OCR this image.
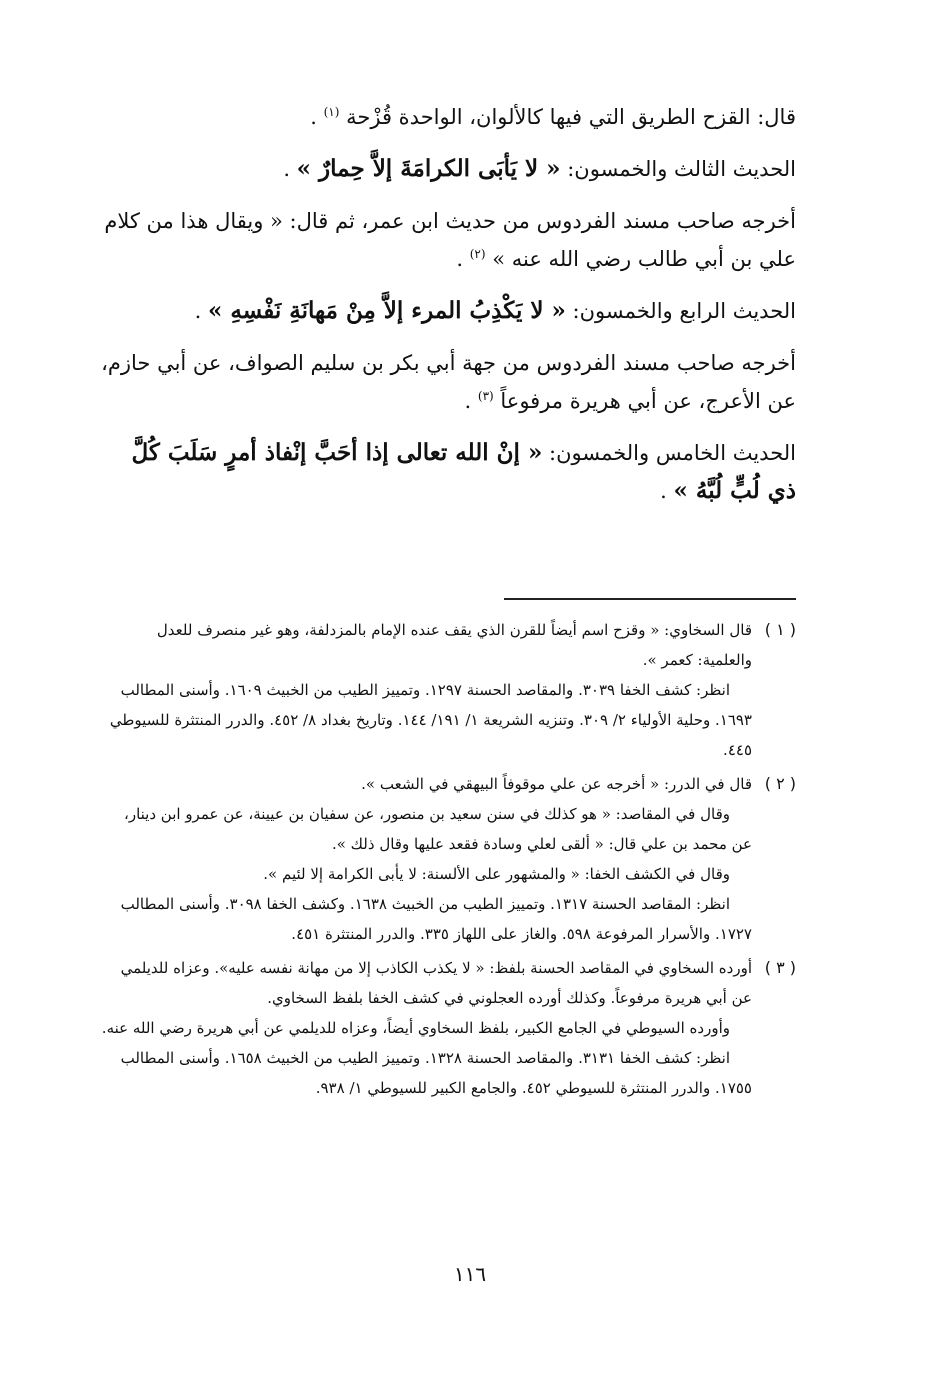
قال: القزح الطريق التي فيها كالألوان، الواحدة قُزْحة $^{(١)}$ .

الحديث الثالث والخمسون: « لا يَأبَى الكرامَةَ إلاَّ حِمارٌ » .

أخرجه صاحب مسند الفردوس من حديث ابن عمر، ثم قال: « ويقال هذا من كلام علي بن أبي طالب رضي الله عنه » $^{(٢)}$ .

الحديث الرابع والخمسون: « لا يَكْذِبُ المرء إلاَّ مِنْ مَهانَةِ نَفْسِهِ » .

أخرجه صاحب مسند الفردوس من جهة أبي بكر بن سليم الصواف، عن أبي حازم، عن الأعرج، عن أبي هريرة مرفوعاً $^{(٣)}$ .

الحديث الخامس والخمسون: « إنْ الله تعالى إذا أحَبَّ إنْفاذ أمرٍ سَلَبَ كُلَّ ذي لُبٍّ لُبَّهُ » .

( ١ )

قال السخاوي: « وقزح اسم أيضاً للقرن الذي يقف عنده الإمام بالمزدلفة، وهو غير منصرف للعدل والعلمية: كعمر ».

انظر: كشف الخفا ٣٠٣٩. والمقاصد الحسنة ١٢٩٧. وتمييز الطيب من الخبيث ١٦٠٩. وأسنى المطالب ١٦٩٣. وحلية الأولياء ٢/ ٣٠٩. وتنزيه الشريعة ١/ ١٩١/ ١٤٤. وتاريخ بغداد ٨/ ٤٥٢. والدرر المنتثرة للسيوطي ٤٤٥.

( ٢ )

قال في الدرر: « أخرجه عن علي موقوفاً البيهقي في الشعب ».

وقال في المقاصد: « هو كذلك في سنن سعيد بن منصور، عن سفيان بن عيينة، عن عمرو ابن دينار، عن محمد بن علي قال: « ألقى لعلي وسادة فقعد عليها وقال ذلك ».

وقال في الكشف الخفا: « والمشهور على الألسنة: لا يأبى الكرامة إلا لئيم ».

انظر: المقاصد الحسنة ١٣١٧. وتمييز الطيب من الخبيث ١٦٣٨. وكشف الخفا ٣٠٩٨. وأسنى المطالب ١٧٢٧. والأسرار المرفوعة ٥٩٨. والغاز على اللهاز ٣٣٥. والدرر المنتثرة ٤٥١.

( ٣ )

أورده السخاوي في المقاصد الحسنة بلفظ: « لا يكذب الكاذب إلا من مهانة نفسه عليه». وعزاه للديلمي عن أبي هريرة مرفوعاً. وكذلك أورده العجلوني في كشف الخفا بلفظ السخاوي.

وأورده السيوطي في الجامع الكبير، بلفظ السخاوي أيضاً، وعزاه للديلمي عن أبي هريرة رضي الله عنه.

انظر: كشف الخفا ٣١٣١. والمقاصد الحسنة ١٣٢٨. وتمييز الطيب من الخبيث ١٦٥٨. وأسنى المطالب ١٧٥٥. والدرر المنتثرة للسيوطي ٤٥٢. والجامع الكبير للسيوطي ١/ ٩٣٨.

١١٦
